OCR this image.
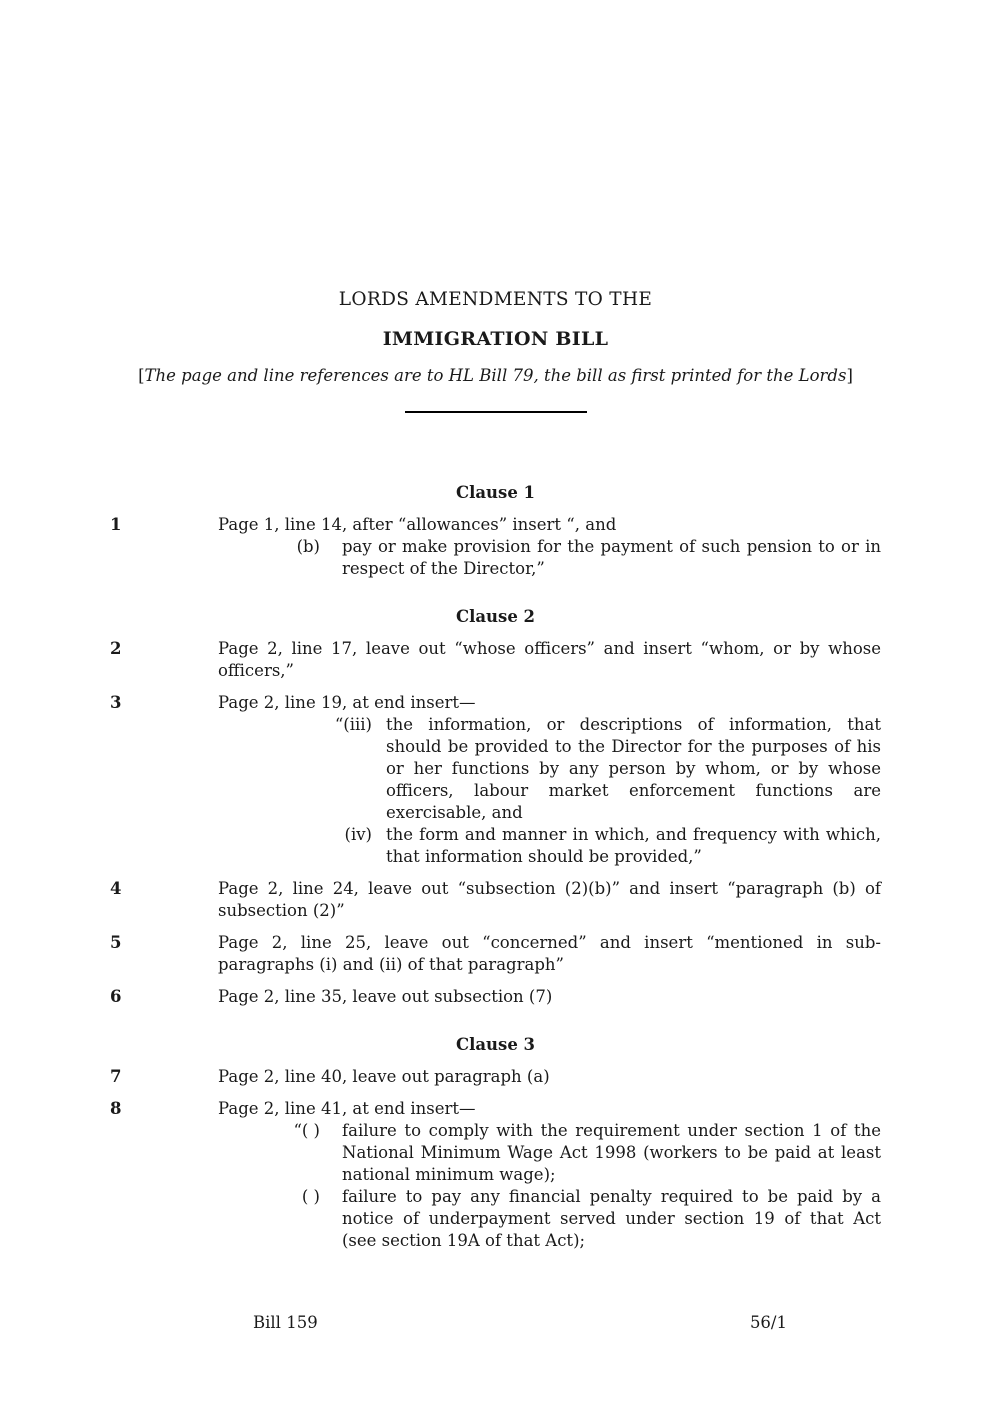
LORDS AMENDMENTS TO THE
IMMIGRATION BILL
[The page and line references are to HL Bill 79, the bill as first printed for the Lords]
Clause 1
1	Page 1, line 14, after “allowances” insert “, and
(b) pay or make provision for the payment of such pension to or in respect of the Director,”
Clause 2
2	Page 2, line 17, leave out “whose officers” and insert “whom, or by whose officers,”
3	Page 2, line 19, at end insert—
“(iii) the information, or descriptions of information, that should be provided to the Director for the purposes of his or her functions by any person by whom, or by whose officers, labour market enforcement functions are exercisable, and
(iv) the form and manner in which, and frequency with which, that information should be provided,”
4	Page 2, line 24, leave out “subsection (2)(b)” and insert “paragraph (b) of subsection (2)”
5	Page 2, line 25, leave out “concerned” and insert “mentioned in sub-paragraphs (i) and (ii) of that paragraph”
6	Page 2, line 35, leave out subsection (7)
Clause 3
7	Page 2, line 40, leave out paragraph (a)
8	Page 2, line 41, at end insert—
“( ) failure to comply with the requirement under section 1 of the National Minimum Wage Act 1998 (workers to be paid at least national minimum wage);
( ) failure to pay any financial penalty required to be paid by a notice of underpayment served under section 19 of that Act (see section 19A of that Act);
Bill 159	56/1
